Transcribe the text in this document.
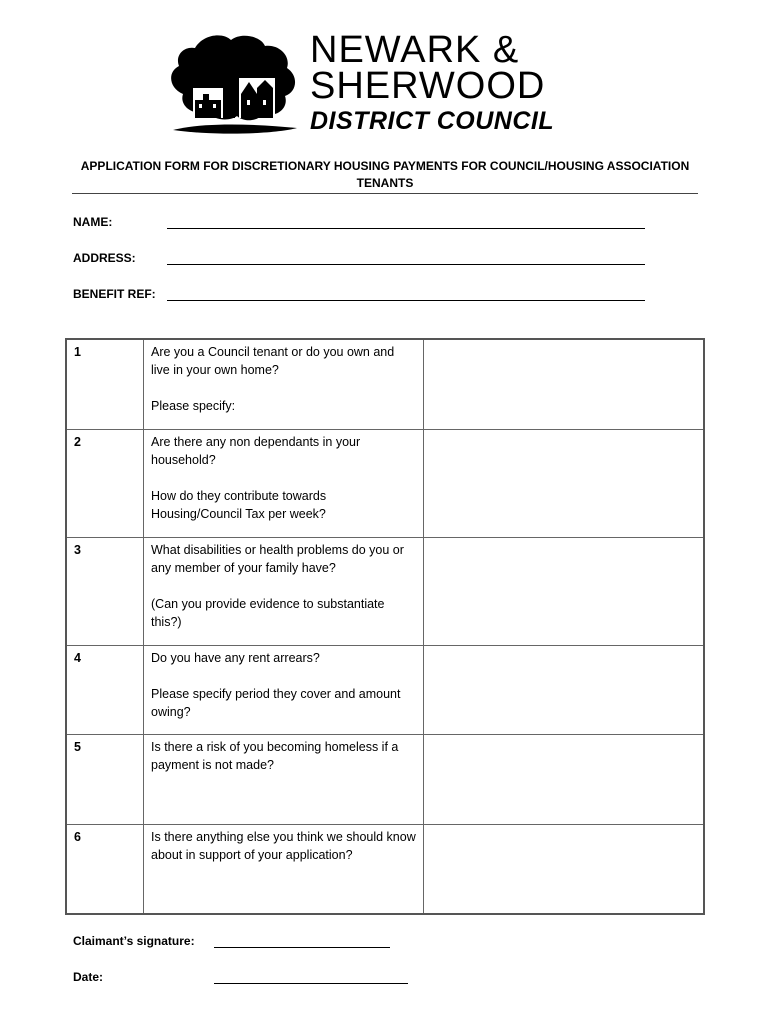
NEWARK &
SHERWOOD
DISTRICT COUNCIL
APPLICATION FORM FOR DISCRETIONARY HOUSING PAYMENTS FOR COUNCIL/HOUSING ASSOCIATION TENANTS
NAME:
ADDRESS:
BENEFIT REF:
1	Are you a Council tenant or do you own and live in your own home?

Please specify:	

2	Are there any non dependants in your household?

How do they contribute towards Housing/Council Tax per week?	

3	What disabilities or health problems do you or any member of your family have?

(Can you provide evidence to substantiate this?)	

4	Do you have any rent arrears?

Please specify period they cover and amount owing?	

5	Is there a risk of you becoming homeless if a payment is not made?	

6	Is there anything else you think we should know about in support of your application?	

Claimant’s signature:
Date:
